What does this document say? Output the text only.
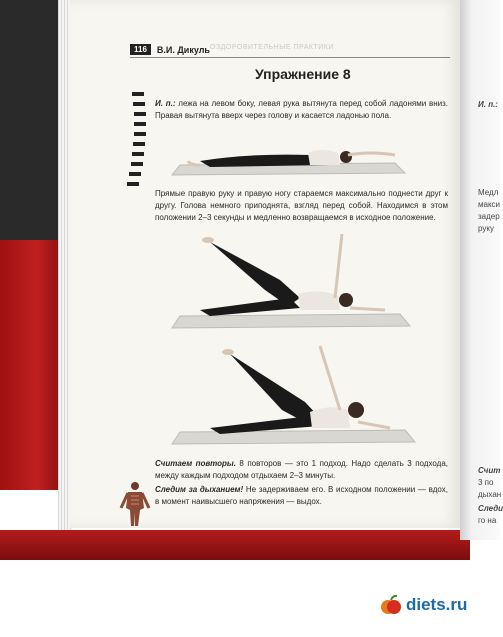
И. п.:
Медл
макси
задер
руку
Счит
3 по
дыхан
Следи
го на
116	В.И. Дикуль ОЗДОРОВИТЕЛЬНЫЕ ПРАКТИКИ
Упражнение 8
И. п.: лежа на левом боку, левая рука вытянута перед собой ладонями вниз. Правая вытянута вверх через голову и касается ладонью пола.
Прямые правую руку и правую ногу стараемся максимально поднести друг к другу. Голова немного приподнята, взгляд перед собой. Находимся в этом положении 2–3 секунды и медленно возвращаемся в исходное положение.
Считаем повторы. 8 повторов — это 1 подход. Надо сделать 3 подхода, между каждым подходом отдыхаем 2–3 минуты.
Следим за дыханием! Не задерживаем его. В исходном положении — вдох, в момент наивысшего напряжения — выдох.
diets.ru
